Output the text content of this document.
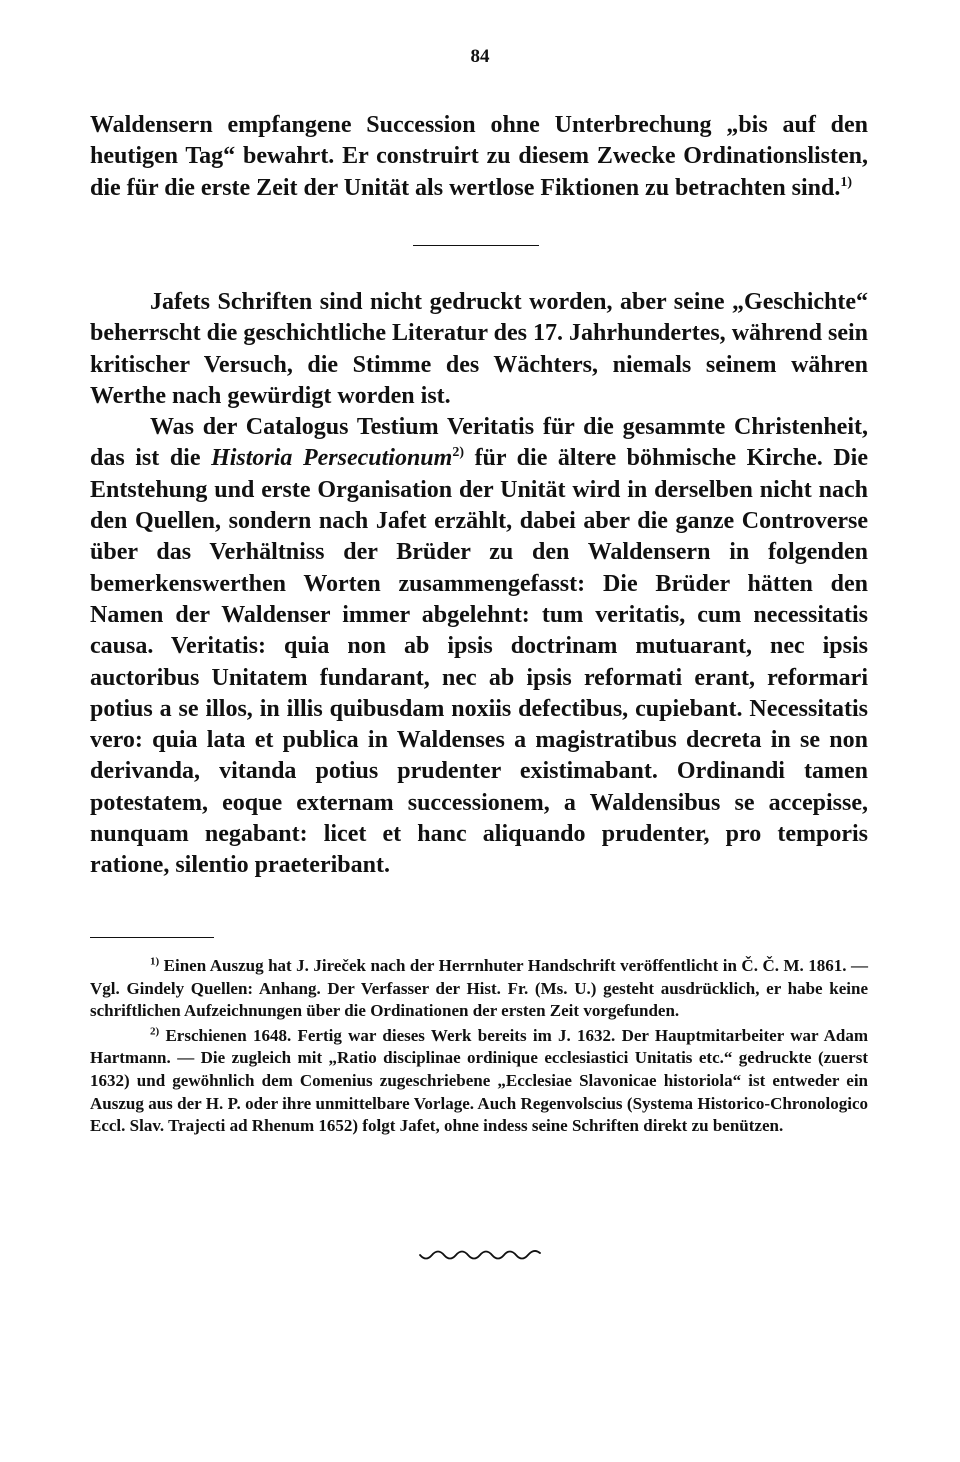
84

Waldensern empfangene Succession ohne Unterbrechung „bis auf den heutigen Tag“ bewahrt. Er construirt zu diesem Zwecke Ordinationslisten, die für die erste Zeit der Unität als wertlose Fiktionen zu betrachten sind.$^{1)}$

Jafets Schriften sind nicht gedruckt worden, aber seine „Geschichte“ beherrscht die geschichtliche Literatur des 17. Jahrhundertes, während sein kritischer Versuch, die Stimme des Wächters, niemals seinem währen Werthe nach gewürdigt worden ist.

Was der Catalogus Testium Veritatis für die gesammte Christenheit, das ist die Historia Persecutionum$^{2)}$ für die ältere böhmische Kirche. Die Entstehung und erste Organisation der Unität wird in derselben nicht nach den Quellen, sondern nach Jafet erzählt, dabei aber die ganze Controverse über das Verhältniss der Brüder zu den Waldensern in folgenden bemerkenswerthen Worten zusammengefasst: Die Brüder hätten den Namen der Waldenser immer abgelehnt: tum veritatis, cum necessitatis causa. Veritatis: quia non ab ipsis doctrinam mutuarant, nec ipsis auctoribus Unitatem fundarant, nec ab ipsis reformati erant, reformari potius a se illos, in illis quibusdam noxiis defectibus, cupiebant. Necessitatis vero: quia lata et publica in Waldenses a magistratibus decreta in se non derivanda, vitanda potius prudenter existimabant. Ordinandi tamen potestatem, eoque externam successionem, a Waldensibus se accepisse, nunquam negabant: licet et hanc aliquando prudenter, pro temporis ratione, silentio praeteribant.

$^{1)}$ Einen Auszug hat J. Jireček nach der Herrnhuter Handschrift veröffentlicht in Č. Č. M. 1861. — Vgl. Gindely Quellen: Anhang. Der Verfasser der Hist. Fr. (Ms. U.) gesteht ausdrücklich, er habe keine schriftlichen Aufzeichnungen über die Ordinationen der ersten Zeit vorgefunden.

$^{2)}$ Erschienen 1648. Fertig war dieses Werk bereits im J. 1632. Der Hauptmitarbeiter war Adam Hartmann. — Die zugleich mit „Ratio disciplinae ordinique ecclesiastici Unitatis etc.“ gedruckte (zuerst 1632) und gewöhnlich dem Comenius zugeschriebene „Ecclesiae Slavonicae historiola“ ist entweder ein Auszug aus der H. P. oder ihre unmittelbare Vorlage. Auch Regenvolscius (Systema Historico-Chronologico Eccl. Slav. Trajecti ad Rhenum 1652) folgt Jafet, ohne indess seine Schriften direkt zu benützen.
